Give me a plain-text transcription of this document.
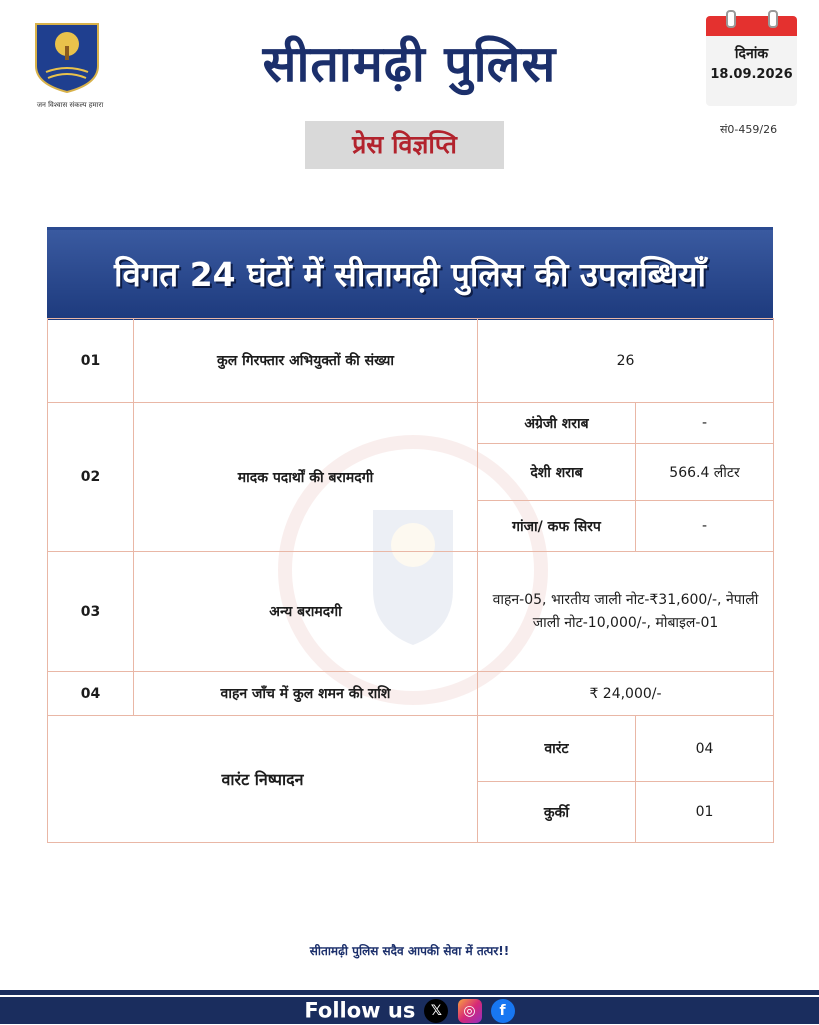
जन विश्वास संकल्प हमारा
सीतामढ़ी पुलिस
प्रेस विज्ञप्ति
दिनांक
18.09.2026
सं0-459/26
विगत 24 घंटों में सीतामढ़ी पुलिस की उपलब्धियाँ
01	कुल गिरफ्तार अभियुक्तों की संख्या	26	
02	मादक पदार्थों की बरामदगी	अंग्रेजी शराब	-
		देशी शराब	566.4 लीटर
		गांजा/ कफ सिरप	-
03	अन्य बरामदगी	वाहन-05, भारतीय जाली नोट-₹31,600/-, नेपाली जाली नोट-10,000/-, मोबाइल-01	
04	वाहन जाँच में कुल शमन की राशि	₹ 24,000/-	
वारंट निष्पादन		वारंट	04
		कुर्की	01
सीतामढ़ी पुलिस सदैव आपकी सेवा में तत्पर!!
Follow us 𝕏 ◎ f
